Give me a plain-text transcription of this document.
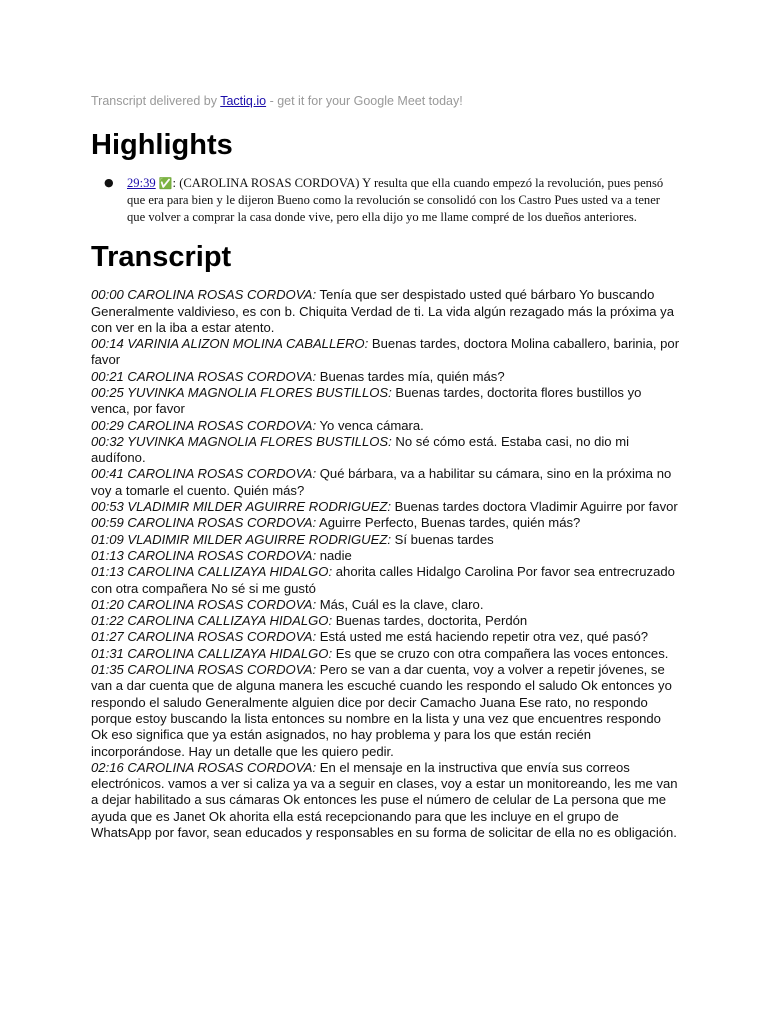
Transcript delivered by Tactiq.io - get it for your Google Meet today!
Highlights
● 29:39 ✅: (CAROLINA ROSAS CORDOVA) Y resulta que ella cuando empezó la revolución, pues pensó que era para bien y le dijeron Bueno como la revolución se consolidó con los Castro Pues usted va a tener que volver a comprar la casa donde vive, pero ella dijo yo me llame compré de los dueños anteriores.
Transcript

00:00 CAROLINA ROSAS CORDOVA: Tenía que ser despistado usted qué bárbaro Yo buscando Generalmente valdivieso, es con b. Chiquita Verdad de ti. La vida algún rezagado más la próxima ya con ver en la iba a estar atento.

00:14 VARINIA ALIZON MOLINA CABALLERO: Buenas tardes, doctora Molina caballero, barinia, por favor

00:21 CAROLINA ROSAS CORDOVA: Buenas tardes mía, quién más?

00:25 YUVINKA MAGNOLIA FLORES BUSTILLOS: Buenas tardes, doctorita flores bustillos yo venca, por favor

00:29 CAROLINA ROSAS CORDOVA: Yo venca cámara.

00:32 YUVINKA MAGNOLIA FLORES BUSTILLOS: No sé cómo está. Estaba casi, no dio mi audífono.

00:41 CAROLINA ROSAS CORDOVA: Qué bárbara, va a habilitar su cámara, sino en la próxima no voy a tomarle el cuento. Quién más?

00:53 VLADIMIR MILDER AGUIRRE RODRIGUEZ: Buenas tardes doctora Vladimir Aguirre por favor

00:59 CAROLINA ROSAS CORDOVA: Aguirre Perfecto, Buenas tardes, quién más?

01:09 VLADIMIR MILDER AGUIRRE RODRIGUEZ: Sí buenas tardes

01:13 CAROLINA ROSAS CORDOVA: nadie

01:13 CAROLINA CALLIZAYA HIDALGO: ahorita calles Hidalgo Carolina Por favor sea entrecruzado con otra compañera No sé si me gustó

01:20 CAROLINA ROSAS CORDOVA: Más, Cuál es la clave, claro.

01:22 CAROLINA CALLIZAYA HIDALGO: Buenas tardes, doctorita, Perdón

01:27 CAROLINA ROSAS CORDOVA: Está usted me está haciendo repetir otra vez, qué pasó?

01:31 CAROLINA CALLIZAYA HIDALGO: Es que se cruzo con otra compañera las voces entonces.

01:35 CAROLINA ROSAS CORDOVA: Pero se van a dar cuenta, voy a volver a repetir jóvenes, se van a dar cuenta que de alguna manera les escuché cuando les respondo el saludo Ok entonces yo respondo el saludo Generalmente alguien dice por decir Camacho Juana Ese rato, no respondo porque estoy buscando la lista entonces su nombre en la lista y una vez que encuentres respondo Ok eso significa que ya están asignados, no hay problema y para los que están recién incorporándose. Hay un detalle que les quiero pedir.

02:16 CAROLINA ROSAS CORDOVA: En el mensaje en la instructiva que envía sus correos electrónicos. vamos a ver si caliza ya va a seguir en clases, voy a estar un monitoreando, les me van a dejar habilitado a sus cámaras Ok entonces les puse el número de celular de La persona que me ayuda que es Janet Ok ahorita ella está recepcionando para que les incluye en el grupo de WhatsApp por favor, sean educados y responsables en su forma de solicitar de ella no es obligación.
